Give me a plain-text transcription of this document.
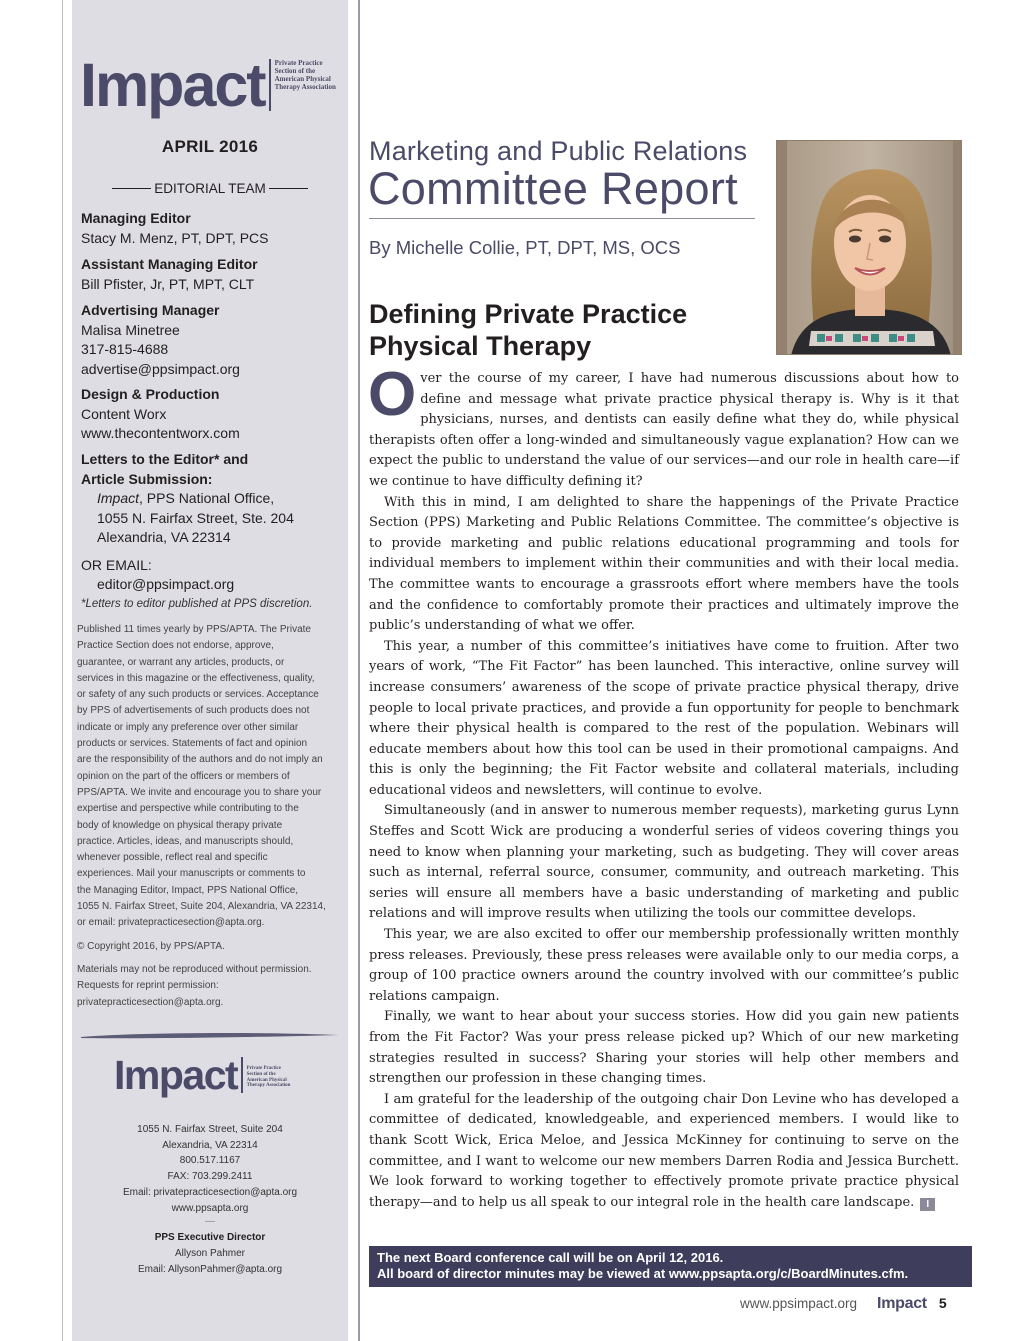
Impact Private Practice
Section of the
American Physical
Therapy Association
APRIL 2016
EDITORIAL TEAM
Managing Editor
Stacy M. Menz, PT, DPT, PCS
Assistant Managing Editor
Bill Pfister, Jr, PT, MPT, CLT
Advertising Manager
Malisa Minetree
317-815-4688
advertise@ppsimpact.org
Design & Production
Content Worx
www.thecontentworx.com
Letters to the Editor* and
Article Submission:
Impact, PPS National Office,
1055 N. Fairfax Street, Ste. 204
Alexandria, VA 22314
OR EMAIL:
editor@ppsimpact.org
*Letters to editor published at PPS discretion.
Published 11 times yearly by PPS/APTA. The Private
Practice Section does not endorse, approve,
guarantee, or warrant any articles, products, or
services in this magazine or the effectiveness, quality,
or safety of any such products or services. Acceptance
by PPS of advertisements of such products does not
indicate or imply any preference over other similar
products or services. Statements of fact and opinion
are the responsibility of the authors and do not imply an
opinion on the part of the officers or members of
PPS/APTA. We invite and encourage you to share your
expertise and perspective while contributing to the
body of knowledge on physical therapy private
practice. Articles, ideas, and manuscripts should,
whenever possible, reflect real and specific
experiences. Mail your manuscripts or comments to
the Managing Editor, Impact, PPS National Office,
1055 N. Fairfax Street, Suite 204, Alexandria, VA 22314,
or email: privatepracticesection@apta.org.
© Copyright 2016, by PPS/APTA.
Materials may not be reproduced without permission.
Requests for reprint permission:
privatepracticesection@apta.org.
Impact Private Practice
Section of the
American Physical
Therapy Association
1055 N. Fairfax Street, Suite 204
Alexandria, VA 22314
800.517.1167
FAX: 703.299.2411
Email: privatepracticesection@apta.org
www.ppsapta.org
—
PPS Executive Director
Allyson Pahmer
Email: AllysonPahmer@apta.org
Marketing and Public Relations
Committee Report
By Michelle Collie, PT, DPT, MS, OCS
Defining Private Practice
Physical Therapy

Over the course of my career, I have had numerous discussions about how to define and message what private practice physical therapy is. Why is it that physicians, nurses, and dentists can easily define what they do, while physical therapists often offer a long-winded and simultaneously vague explanation? How can we expect the public to understand the value of our services—and our role in health care—if we continue to have difficulty defining it?

With this in mind, I am delighted to share the happenings of the Private Practice Section (PPS) Marketing and Public Relations Committee. The committee’s objective is to provide marketing and public relations educational programming and tools for individual members to implement within their communities and with their local media. The committee wants to encourage a grassroots effort where members have the tools and the confidence to comfortably promote their practices and ultimately improve the public’s understanding of what we offer.

This year, a number of this committee’s initiatives have come to fruition. After two years of work, “The Fit Factor” has been launched. This interactive, online survey will increase consumers’ awareness of the scope of private practice physical therapy, drive people to local private practices, and provide a fun opportunity for people to benchmark where their physical health is compared to the rest of the population. Webinars will educate members about how this tool can be used in their promotional campaigns. And this is only the beginning; the Fit Factor website and collateral materials, including educational videos and newsletters, will continue to evolve.

Simultaneously (and in answer to numerous member requests), marketing gurus Lynn Steffes and Scott Wick are producing a wonderful series of videos covering things you need to know when planning your marketing, such as budgeting. They will cover areas such as internal, referral source, consumer, community, and outreach marketing. This series will ensure all members have a basic understanding of marketing and public relations and will improve results when utilizing the tools our committee develops.

This year, we are also excited to offer our membership professionally written monthly press releases. Previously, these press releases were available only to our media corps, a group of 100 practice owners around the country involved with our committee’s public relations campaign.

Finally, we want to hear about your success stories. How did you gain new patients from the Fit Factor? Was your press release picked up? Which of our new marketing strategies resulted in success? Sharing your stories will help other members and strengthen our profession in these changing times.

I am grateful for the leadership of the outgoing chair Don Levine who has developed a committee of dedicated, knowledgeable, and experienced members. I would like to thank Scott Wick, Erica Meloe, and Jessica McKinney for continuing to serve on the committee, and I want to welcome our new members Darren Rodia and Jessica Burchett. We look forward to working together to effectively promote private practice physical therapy—and to help us all speak to our integral role in the health care landscape. I

The next Board conference call will be on April 12, 2016.
All board of director minutes may be viewed at www.ppsapta.org/c/BoardMinutes.cfm.
www.ppsimpact.org Impact 5
